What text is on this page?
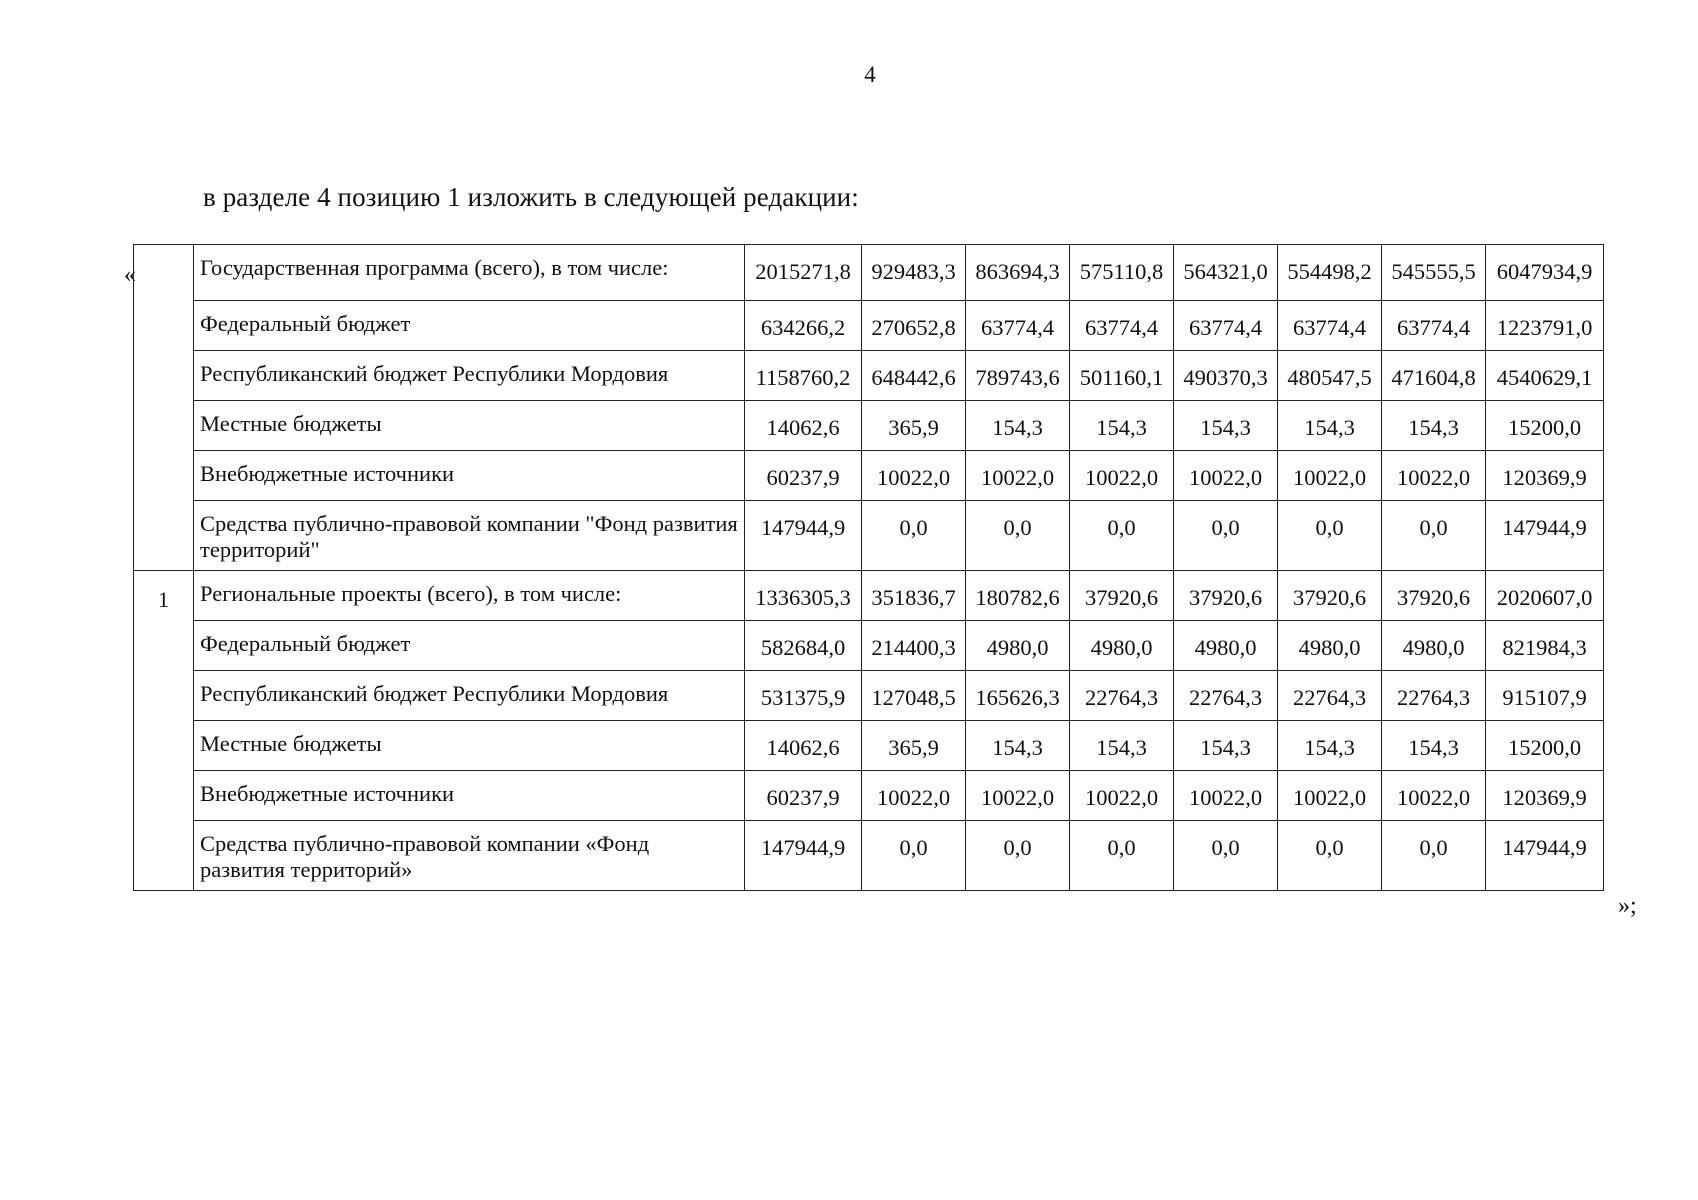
4
в разделе 4 позицию 1 изложить в следующей редакции:
«
		Государственная программа (всего), в том числе:	2015271,8	929483,3	863694,3	575110,8	564321,0	554498,2	545555,5	6047934,9
	Федеральный бюджет	634266,2	270652,8	63774,4	63774,4	63774,4	63774,4	63774,4	1223791,0
	Республиканский бюджет Республики Мордовия	1158760,2	648442,6	789743,6	501160,1	490370,3	480547,5	471604,8	4540629,1
	Местные бюджеты	14062,6	365,9	154,3	154,3	154,3	154,3	154,3	15200,0
	Внебюджетные источники	60237,9	10022,0	10022,0	10022,0	10022,0	10022,0	10022,0	120369,9
	Средства публично-правовой компании "Фонд развития территорий"	147944,9	0,0	0,0	0,0	0,0	0,0	0,0	147944,9
1	Региональные проекты (всего), в том числе:	1336305,3	351836,7	180782,6	37920,6	37920,6	37920,6	37920,6	2020607,0
	Федеральный бюджет	582684,0	214400,3	4980,0	4980,0	4980,0	4980,0	4980,0	821984,3
	Республиканский бюджет Республики Мордовия	531375,9	127048,5	165626,3	22764,3	22764,3	22764,3	22764,3	915107,9
	Местные бюджеты	14062,6	365,9	154,3	154,3	154,3	154,3	154,3	15200,0
	Внебюджетные источники	60237,9	10022,0	10022,0	10022,0	10022,0	10022,0	10022,0	120369,9
	Средства публично-правовой компании «Фонд развития территорий»	147944,9	0,0	0,0	0,0	0,0	0,0	0,0	147944,9
»;
